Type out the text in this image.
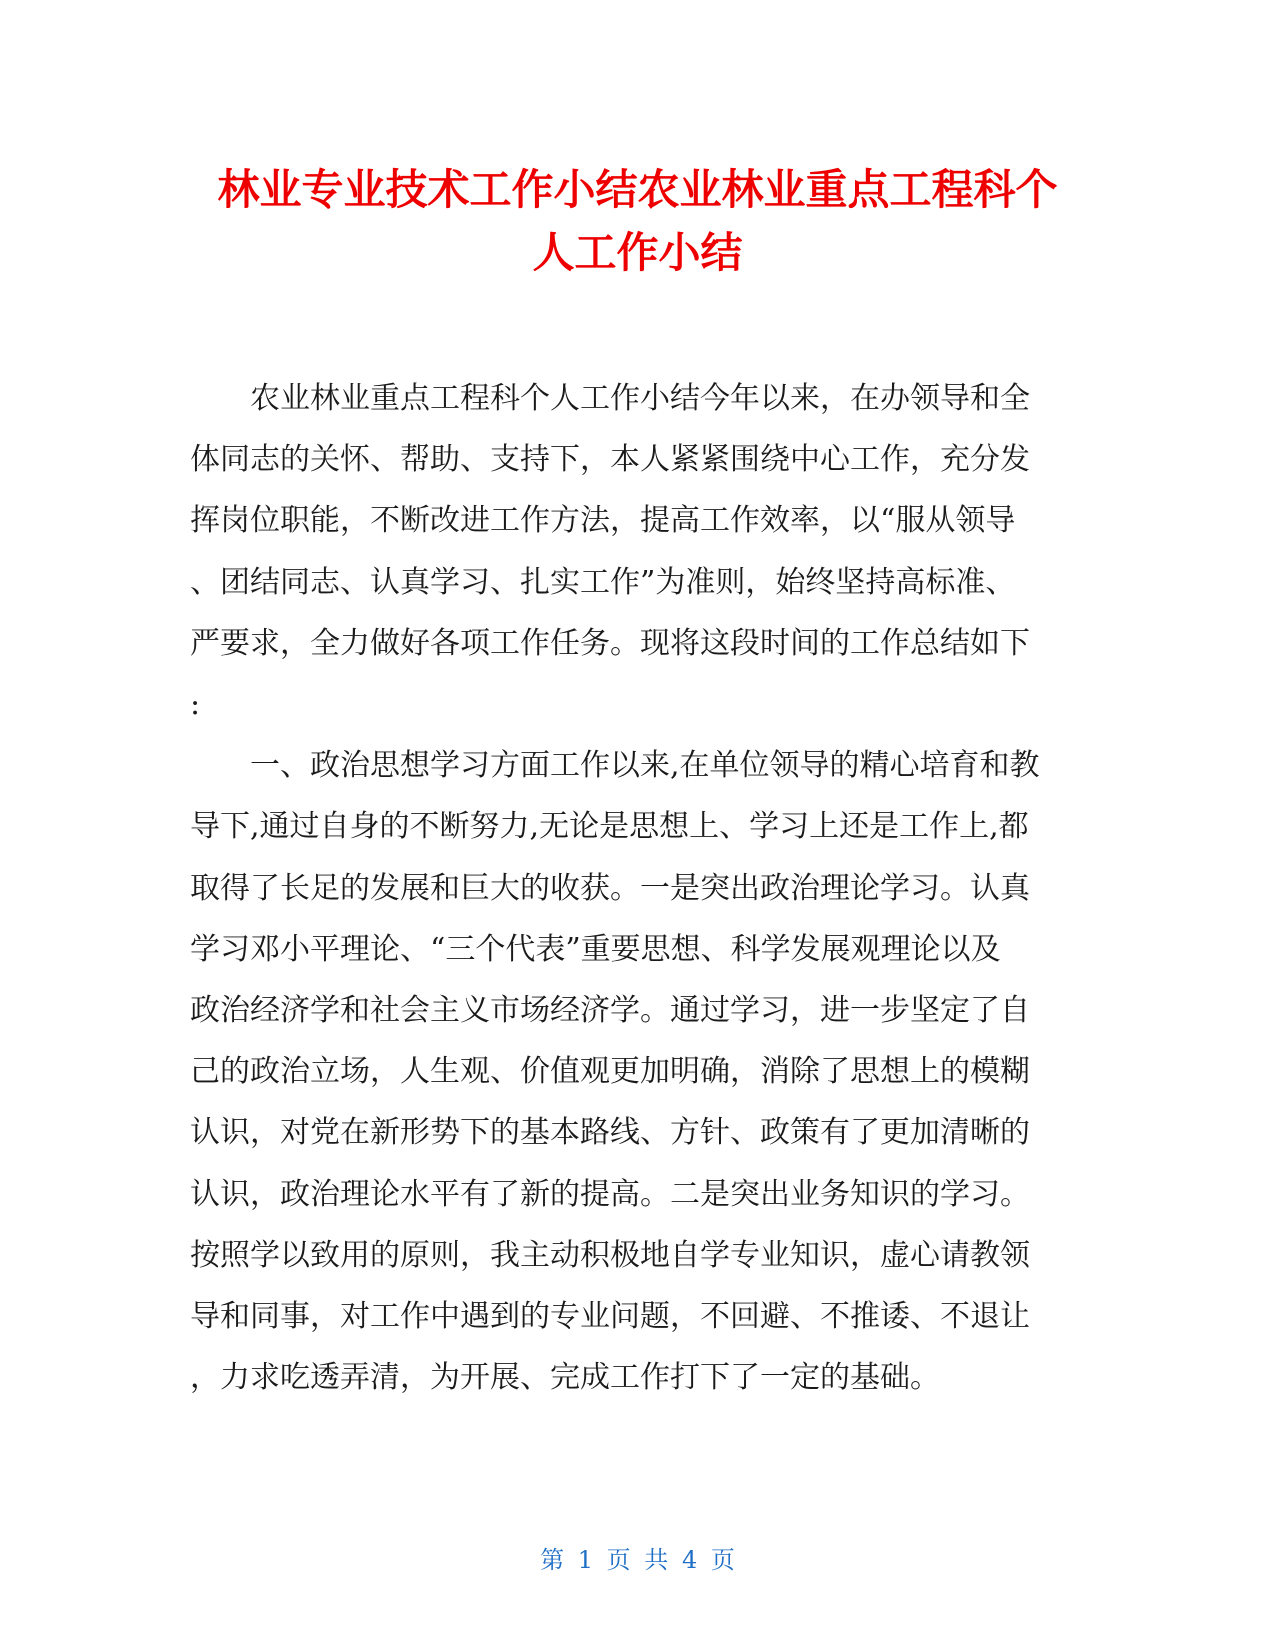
林业专业技术工作小结农业林业重点工程科个
人工作小结
农业林业重点工程科个人工作小结今年以来，在办领导和全
体同志的关怀、帮助、支持下，本人紧紧围绕中心工作，充分发
挥岗位职能，不断改进工作方法，提高工作效率，以“服从领导
、团结同志、认真学习、扎实工作”为准则，始终坚持高标准、
严要求，全力做好各项工作任务。现将这段时间的工作总结如下
:
一、政治思想学习方面工作以来,在单位领导的精心培育和教
导下,通过自身的不断努力,无论是思想上、学习上还是工作上,都
取得了长足的发展和巨大的收获。一是突出政治理论学习。认真
学习邓小平理论、“三个代表”重要思想、科学发展观理论以及
政治经济学和社会主义市场经济学。通过学习，进一步坚定了自
己的政治立场，人生观、价值观更加明确，消除了思想上的模糊
认识，对党在新形势下的基本路线、方针、政策有了更加清晰的
认识，政治理论水平有了新的提高。二是突出业务知识的学习。
按照学以致用的原则，我主动积极地自学专业知识，虚心请教领
导和同事，对工作中遇到的专业问题，不回避、不推诿、不退让
，力求吃透弄清，为开展、完成工作打下了一定的基础。
第 1 页 共 4 页
